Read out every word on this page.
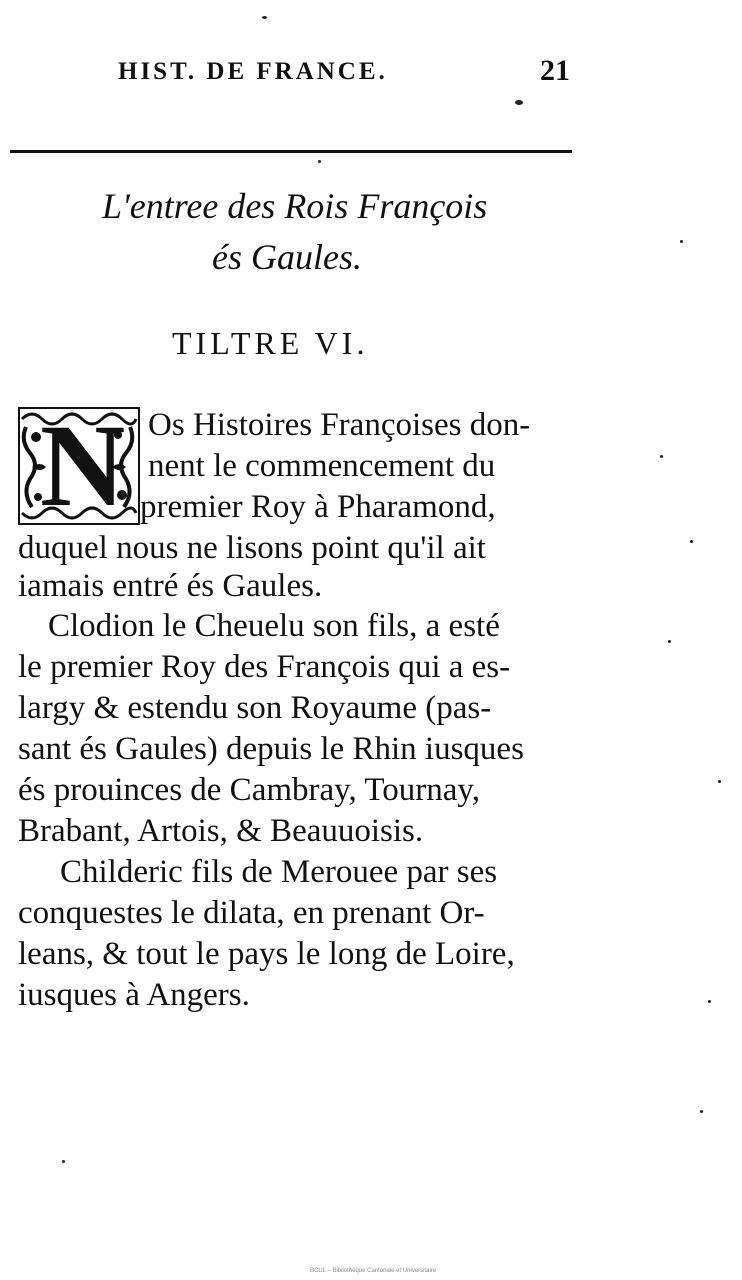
HIST. DE FRANCE.	21
L'entree des Rois François
és Gaules.
TILTRE VI.
N Os Histoires Françoises don-
nent le commencement du
premier Roy à Pharamond,
duquel nous ne lisons point qu'il ait
iamais entré és Gaules.
Clodion le Cheuelu son fils, a esté
le premier Roy des François qui a es-
largy & estendu son Royaume (pas-
sant és Gaules) depuis le Rhin iusques
és prouinces de Cambray, Tournay,
Brabant, Artois, & Beauuoisis.
Childeric fils de Merouee par ses
conquestes le dilata, en prenant Or-
leans, & tout le pays le long de Loire,
iusques à Angers.
BCUL – Bibliothèque Cantonale et Universitaire
